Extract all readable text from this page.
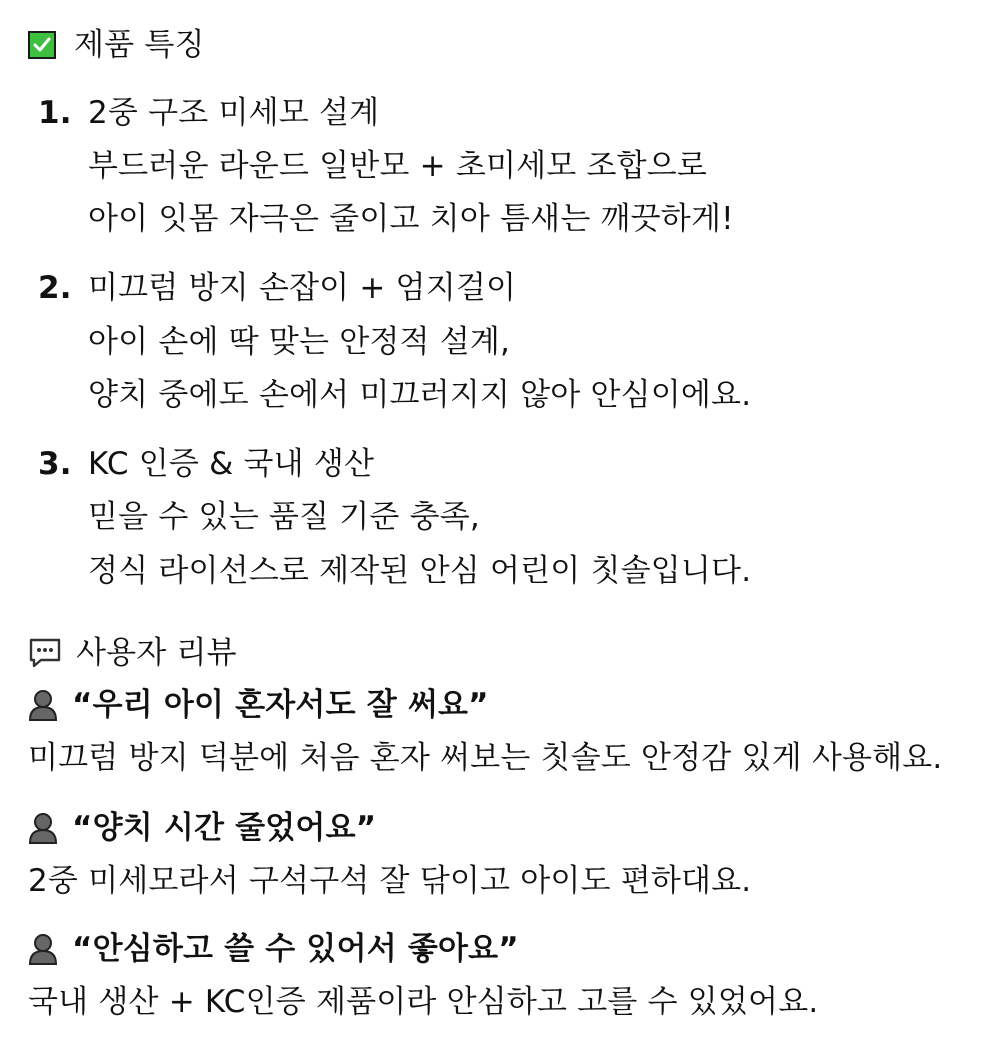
제품 특징
1. 2중 구조 미세모 설계
부드러운 라운드 일반모 + 초미세모 조합으로
아이 잇몸 자극은 줄이고 치아 틈새는 깨끗하게!
2. 미끄럼 방지 손잡이 + 엄지걸이
아이 손에 딱 맞는 안정적 설계,
양치 중에도 손에서 미끄러지지 않아 안심이에요.
3. KC 인증 & 국내 생산
믿을 수 있는 품질 기준 충족,
정식 라이선스로 제작된 안심 어린이 칫솔입니다.
사용자 리뷰
“우리 아이 혼자서도 잘 써요”
미끄럼 방지 덕분에 처음 혼자 써보는 칫솔도 안정감 있게 사용해요.
“양치 시간 줄었어요”
2중 미세모라서 구석구석 잘 닦이고 아이도 편하대요.
“안심하고 쓸 수 있어서 좋아요”
국내 생산 + KC인증 제품이라 안심하고 고를 수 있었어요.
